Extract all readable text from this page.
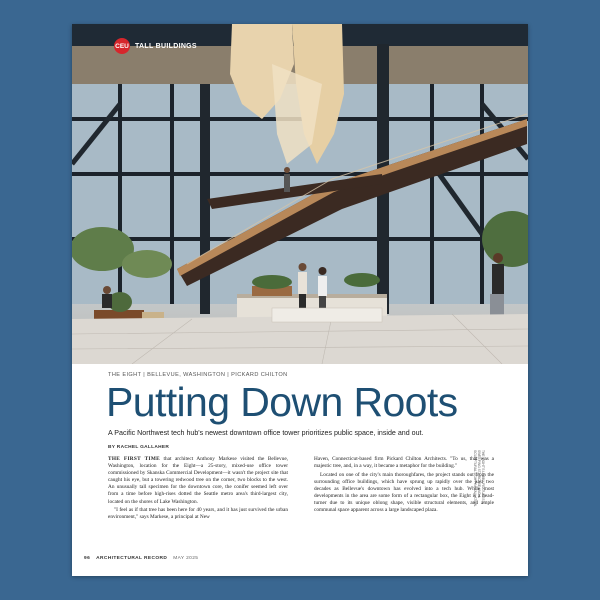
CEU TALL BUILDINGS
THE EIGHT | BELLEVUE, WASHINGTON | PICKARD CHILTON
Putting Down Roots
A Pacific Northwest tech hub's newest downtown office tower prioritizes public space, inside and out.
BY RACHEL GALLAHER

THE FIRST TIME that architect Anthony Markese visited the Bellevue, Washington, location for the Eight—a 25-story, mixed-use office tower commissioned by Skanska Commercial Development—it wasn't the project site that caught his eye, but a towering redwood tree on the corner, two blocks to the west. An unusually tall specimen for the downtown core, the conifer seemed left over from a time before high-rises dotted the Seattle metro area's third-largest city, located on the shores of Lake Washington.

"I feel as if that tree has been here for 40 years, and it has just survived the urban environment," says Markese, a principal at New

Haven, Connecticut-based firm Pickard Chilton Architects. "To us, that was a majestic tree, and, in a way, it became a metaphor for the building."

Located on one of the city's main thoroughfares, the project stands out from the surrounding office buildings, which have sprung up rapidly over the past two decades as Bellevue's downtown has evolved into a tech hub. While most developments in the area are some form of a rectangular box, the Eight is a head-turner due to its unique oblong shape, visible structural elements, and ample communal space apparent across a large landscaped plaza.

THE EIGHT'S LOBBY FEATURES A SWEEPING STAIRCASE AND A SCULPTURAL LIGHT INSTALLATION.
96 ARCHITECTURAL RECORD MAY 2025
